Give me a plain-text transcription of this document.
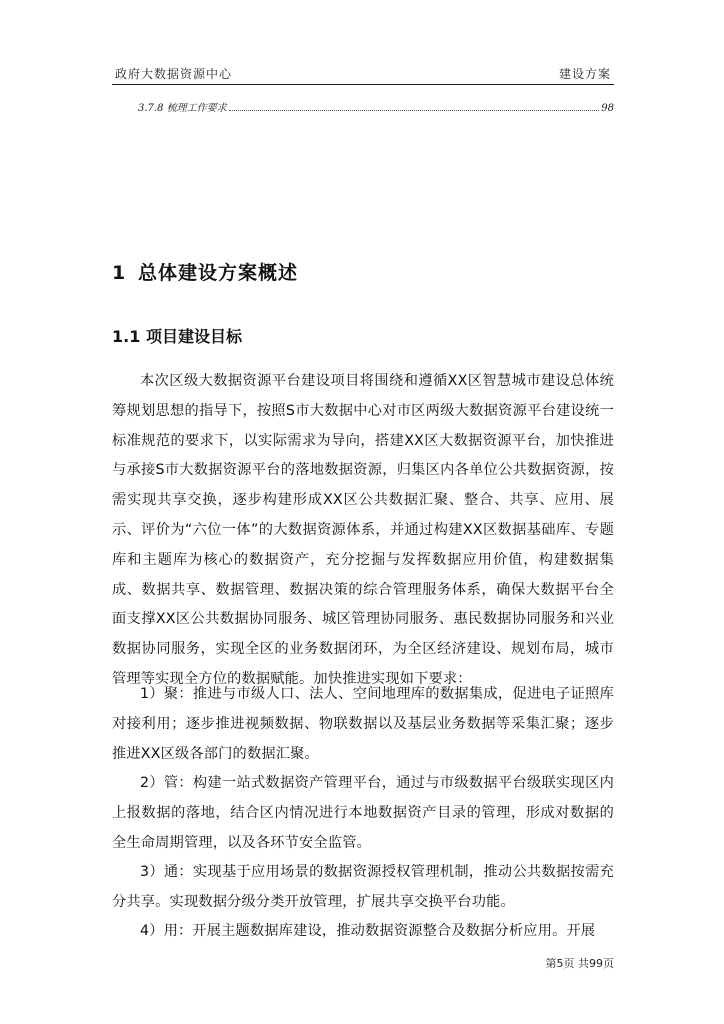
政府大数据资源中心	建设方案
3.7.8 梳理工作要求	98
1 总体建设方案概述
1.1 项目建设目标

本次区级大数据资源平台建设项目将围绕和遵循XX区智慧城市建设总体统筹规划思想的指导下，按照S市大数据中心对市区两级大数据资源平台建设统一标准规范的要求下，以实际需求为导向，搭建XX区大数据资源平台，加快推进与承接S市大数据资源平台的落地数据资源，归集区内各单位公共数据资源，按需实现共享交换，逐步构建形成XX区公共数据汇聚、整合、共享、应用、展示、评价为“六位一体”的大数据资源体系，并通过构建XX区数据基础库、专题库和主题库为核心的数据资产，充分挖掘与发挥数据应用价值，构建数据集成、数据共享、数据管理、数据决策的综合管理服务体系，确保大数据平台全面支撑XX区公共数据协同服务、城区管理协同服务、惠民数据协同服务和兴业数据协同服务，实现全区的业务数据闭环，为全区经济建设、规划布局，城市管理等实现全方位的数据赋能。加快推进实现如下要求：

1）聚：推进与市级人口、法人、空间地理库的数据集成，促进电子证照库对接利用；逐步推进视频数据、物联数据以及基层业务数据等采集汇聚；逐步推进XX区级各部门的数据汇聚。

2）管：构建一站式数据资产管理平台，通过与市级数据平台级联实现区内上报数据的落地，结合区内情况进行本地数据资产目录的管理，形成对数据的全生命周期管理，以及各环节安全监管。

3）通：实现基于应用场景的数据资源授权管理机制，推动公共数据按需充分共享。实现数据分级分类开放管理，扩展共享交换平台功能。

4）用：开展主题数据库建设，推动数据资源整合及数据分析应用。开展

第5页 共99页
